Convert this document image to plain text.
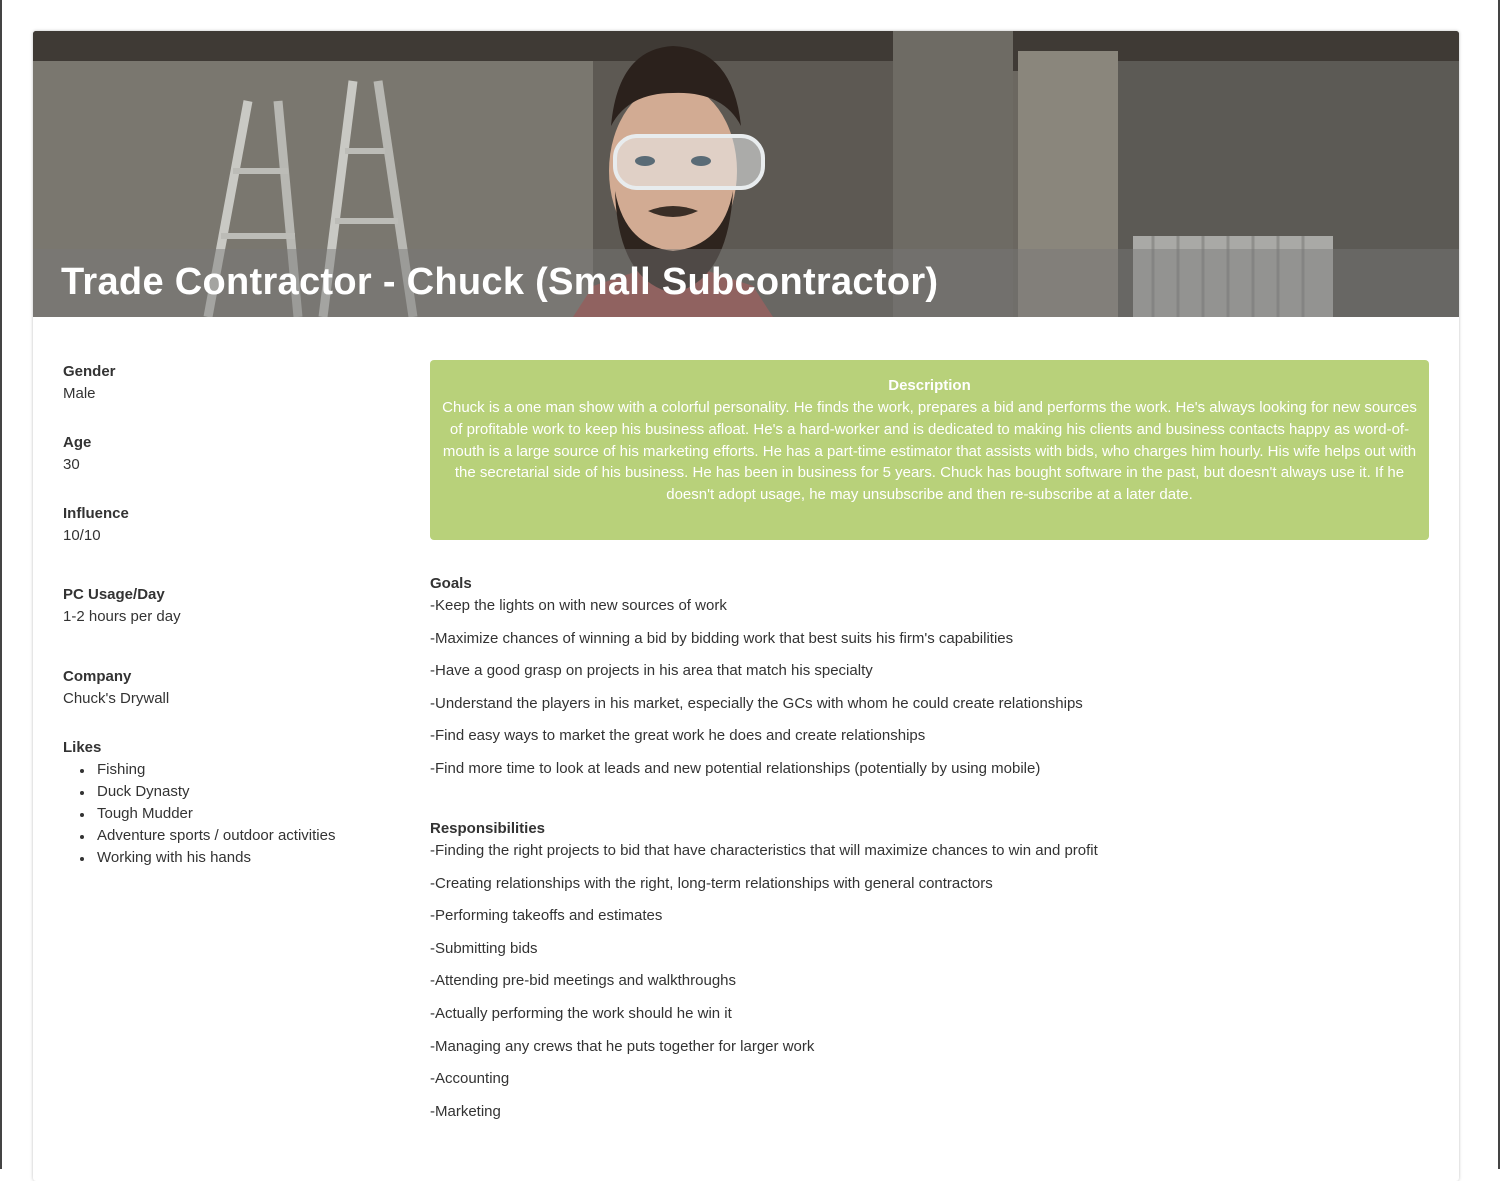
Trade Contractor - Chuck (Small Subcontractor)
Gender
Male
Age
30
Influence
10/10
PC Usage/Day
1-2 hours per day
Company
Chuck's Drywall
Likes
Fishing
Duck Dynasty
Tough Mudder
Adventure sports / outdoor activities
Working with his hands
Description
Chuck is a one man show with a colorful personality. He finds the work, prepares a bid and performs the work. He's always looking for new sources of profitable work to keep his business afloat. He's a hard-worker and is dedicated to making his clients and business contacts happy as word-of-mouth is a large source of his marketing efforts. He has a part-time estimator that assists with bids, who charges him hourly. His wife helps out with the secretarial side of his business. He has been in business for 5 years. Chuck has bought software in the past, but doesn't always use it. If he doesn't adopt usage, he may unsubscribe and then re-subscribe at a later date.
Goals
-Keep the lights on with new sources of work
-Maximize chances of winning a bid by bidding work that best suits his firm's capabilities
-Have a good grasp on projects in his area that match his specialty
-Understand the players in his market, especially the GCs with whom he could create relationships
-Find easy ways to market the great work he does and create relationships
-Find more time to look at leads and new potential relationships (potentially by using mobile)
Responsibilities
-Finding the right projects to bid that have characteristics that will maximize chances to win and profit
-Creating relationships with the right, long-term relationships with general contractors
-Performing takeoffs and estimates
-Submitting bids
-Attending pre-bid meetings and walkthroughs
-Actually performing the work should he win it
-Managing any crews that he puts together for larger work
-Accounting
-Marketing
